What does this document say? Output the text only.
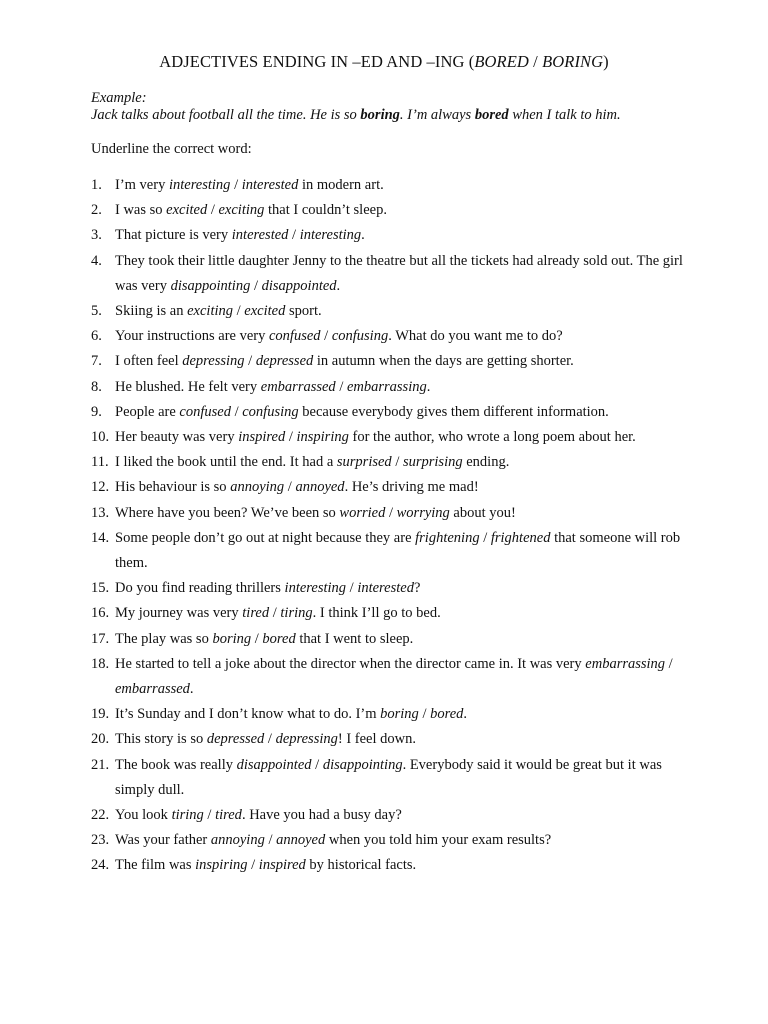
ADJECTIVES ENDING IN –ED AND –ING (BORED / BORING)
Example:
Jack talks about football all the time. He is so boring. I’m always bored when I talk to him.
Underline the correct word:
1. I’m very interesting / interested in modern art.
2. I was so excited / exciting that I couldn’t sleep.
3. That picture is very interested / interesting.
4. They took their little daughter Jenny to the theatre but all the tickets had already sold out. The girl was very disappointing / disappointed.
5. Skiing is an exciting / excited sport.
6. Your instructions are very confused / confusing. What do you want me to do?
7. I often feel depressing / depressed in autumn when the days are getting shorter.
8. He blushed. He felt very embarrassed / embarrassing.
9. People are confused / confusing because everybody gives them different information.
10. Her beauty was very inspired / inspiring for the author, who wrote a long poem about her.
11. I liked the book until the end. It had a surprised / surprising ending.
12. His behaviour is so annoying / annoyed. He’s driving me mad!
13. Where have you been? We’ve been so worried / worrying about you!
14. Some people don’t go out at night because they are frightening / frightened that someone will rob them.
15. Do you find reading thrillers interesting / interested?
16. My journey was very tired / tiring. I think I’ll go to bed.
17. The play was so boring / bored that I went to sleep.
18. He started to tell a joke about the director when the director came in. It was very embarrassing / embarrassed.
19. It’s Sunday and I don’t know what to do. I’m boring / bored.
20. This story is so depressed / depressing! I feel down.
21. The book was really disappointed / disappointing. Everybody said it would be great but it was simply dull.
22. You look tiring / tired. Have you had a busy day?
23. Was your father annoying / annoyed when you told him your exam results?
24. The film was inspiring / inspired by historical facts.
